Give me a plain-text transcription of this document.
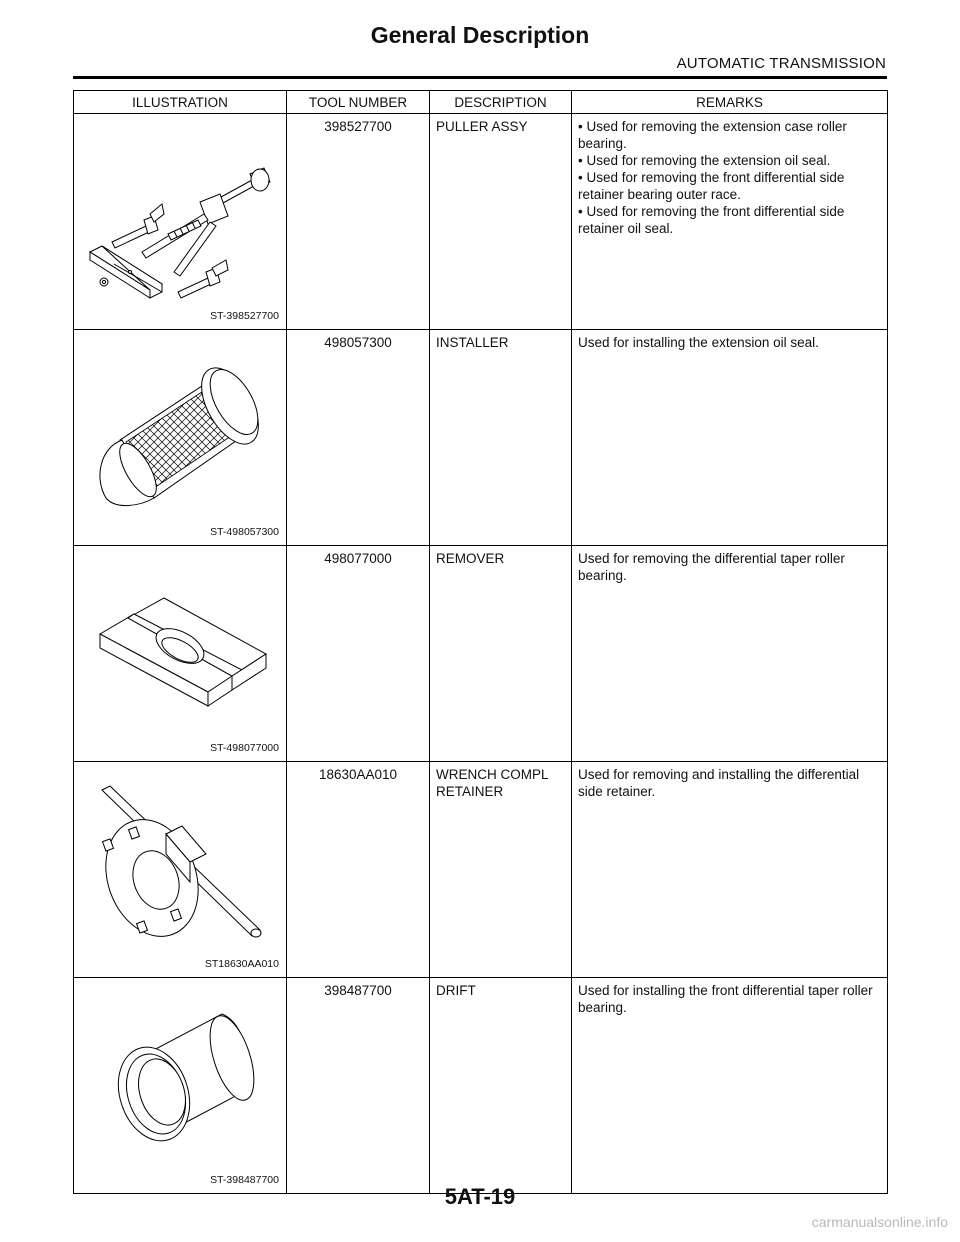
General Description
AUTOMATIC TRANSMISSION
ILLUSTRATION	TOOL NUMBER	DESCRIPTION	REMARKS

ST-398527700	398527700	PULLER ASSY	• Used for removing the extension case roller bearing.
• Used for removing the extension oil seal.
• Used for removing the front differential side retainer bearing outer race.
• Used for removing the front differential side retainer oil seal.

ST-498057300	498057300	INSTALLER	Used for installing the extension oil seal.

ST-498077000	498077000	REMOVER	Used for removing the differential taper roller bearing.

ST18630AA010	18630AA010	WRENCH COMPL
RETAINER	Used for removing and installing the differential side retainer.

ST-398487700	398487700	DRIFT	Used for installing the front differential taper roller bearing.
5AT-19
carmanualsonline.info
